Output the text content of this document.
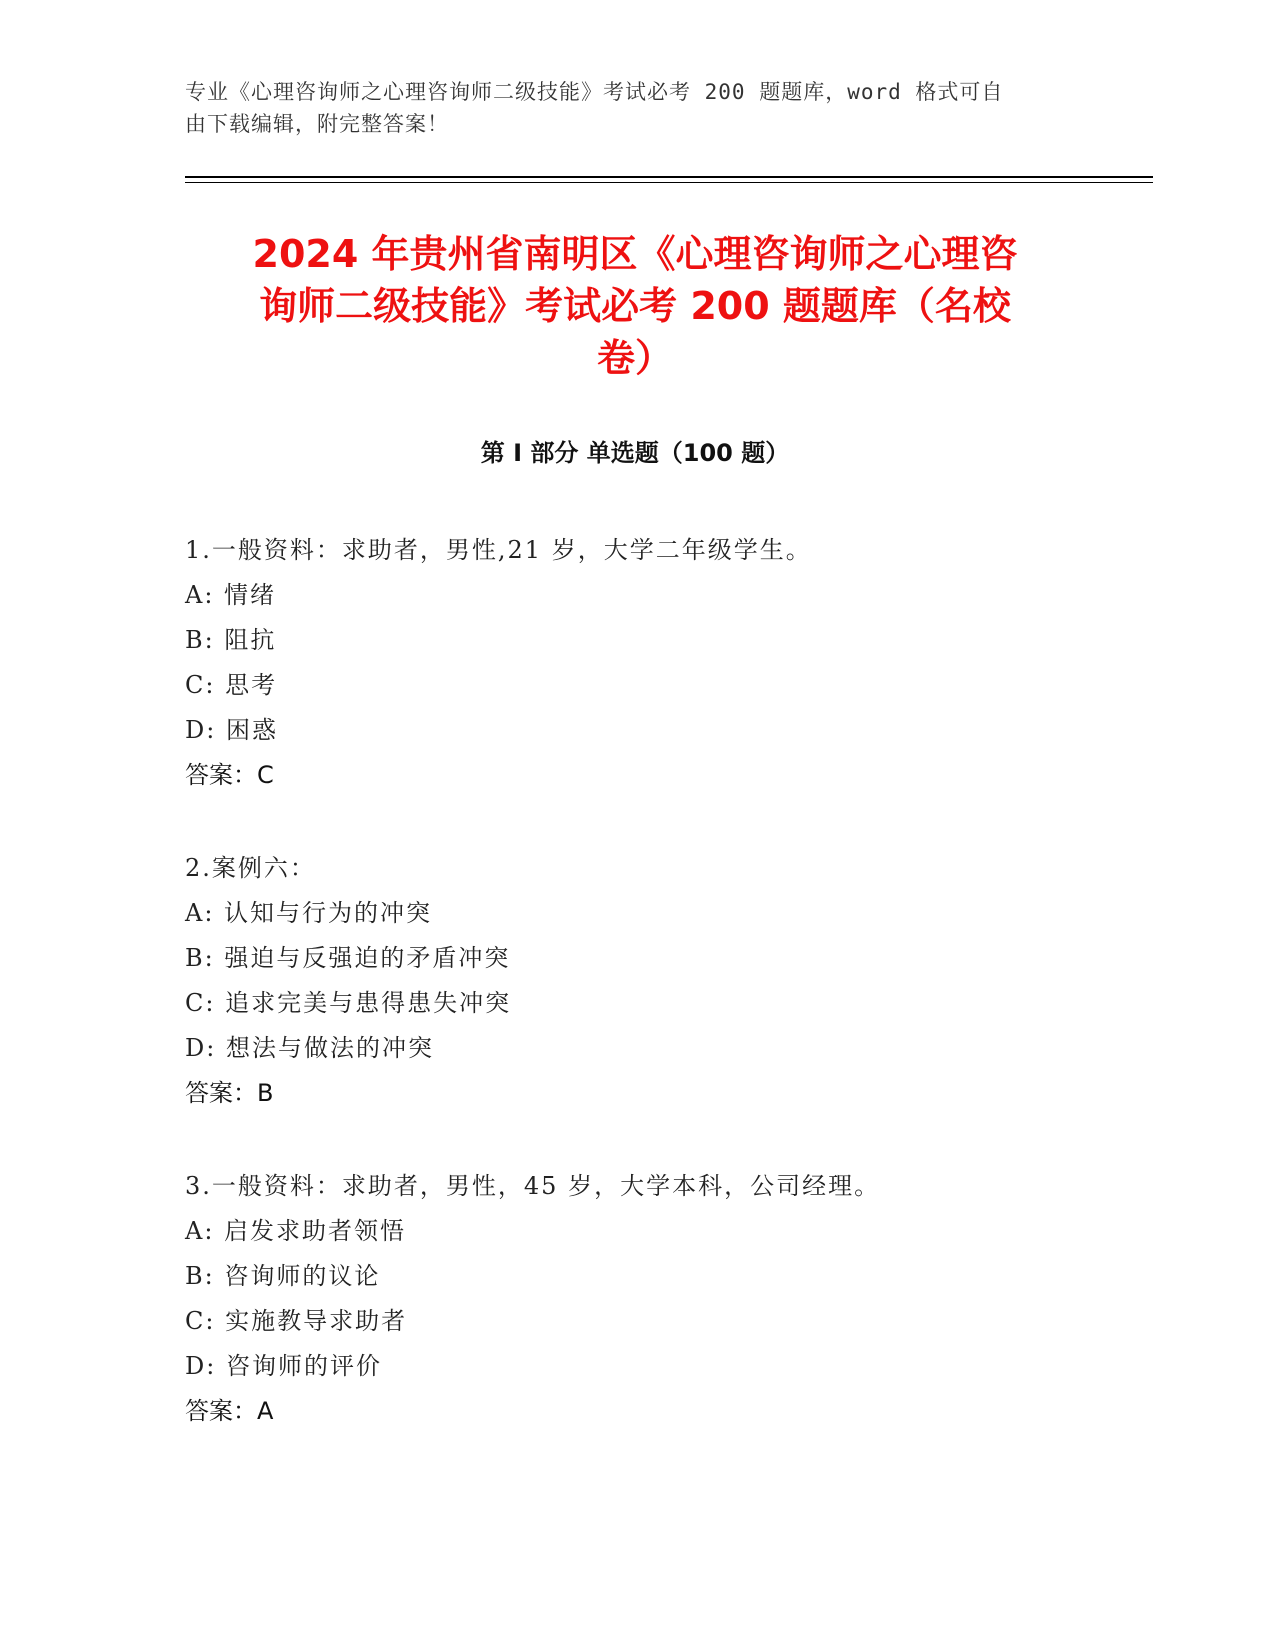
专业《心理咨询师之心理咨询师二级技能》考试必考 200 题题库，word 格式可自
由下载编辑，附完整答案！
2024 年贵州省南明区《心理咨询师之心理咨
询师二级技能》考试必考 200 题题库（名校
卷）
第 I 部分 单选题（100 题）
1.一般资料：求助者，男性,21 岁，大学二年级学生。
A: 情绪
B: 阻抗
C: 思考
D: 困惑
答案：C
2.案例六：
A: 认知与行为的冲突
B: 强迫与反强迫的矛盾冲突
C: 追求完美与患得患失冲突
D: 想法与做法的冲突
答案：B
3.一般资料：求助者，男性，45 岁，大学本科，公司经理。
A: 启发求助者领悟
B: 咨询师的议论
C: 实施教导求助者
D: 咨询师的评价
答案：A
